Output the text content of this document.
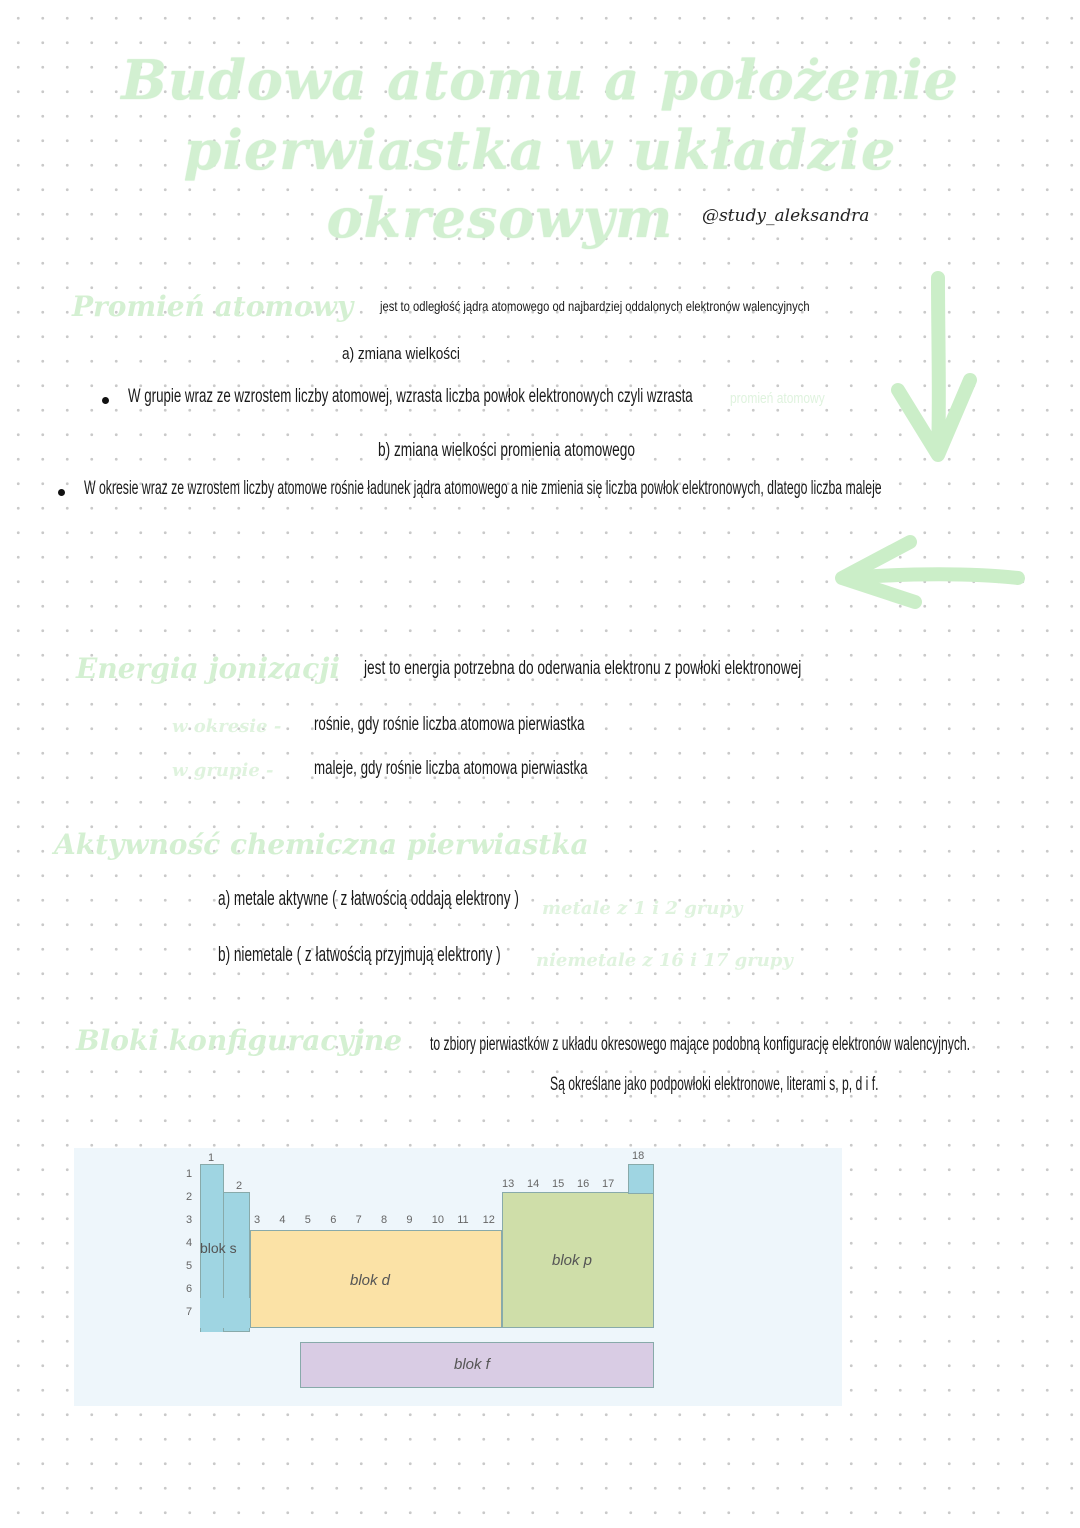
Budowa atomu a położenie
pierwiastka w układzie
okresowym	@study_aleksandra
Promień atomowy jest to odległość jądra atomowego od najbardziej oddalonych elektronów walencyjnych
a) zmiana wielkości
W grupie wraz ze wzrostem liczby atomowej, wzrasta liczba powłok elektronowych czyli wzrasta promień atomowy
b) zmiana wielkości promienia atomowego
W okresie wraz ze wzrostem liczby atomowe rośnie ładunek jądra atomowego a nie zmienia się liczba powłok elektronowych, dlatego liczba maleje
Energia jonizacji jest to energia potrzebna do oderwania elektronu z powłoki elektronowej
w okresie - rośnie, gdy rośnie liczba atomowa pierwiastka
w grupie - maleje, gdy rośnie liczba atomowa pierwiastka
Aktywność chemiczna pierwiastka
a) metale aktywne ( z łatwością oddają elektrony ) metale z 1 i 2 grupy
b) niemetale ( z łatwością przyjmują elektrony ) niemetale z 16 i 17 grupy
Bloki konfiguracyjne to zbiory pierwiastków z układu okresowego mające podobną konfigurację elektronów walencyjnych.
Są określane jako podpowłoki elektronowe, literami s, p, d i f.
1
2
3 4 5 6 7 8 9 10 11 12
13 14 15 16 17
18
1
2
3
4
5
6
7
blok s
blok d
blok p
blok f
